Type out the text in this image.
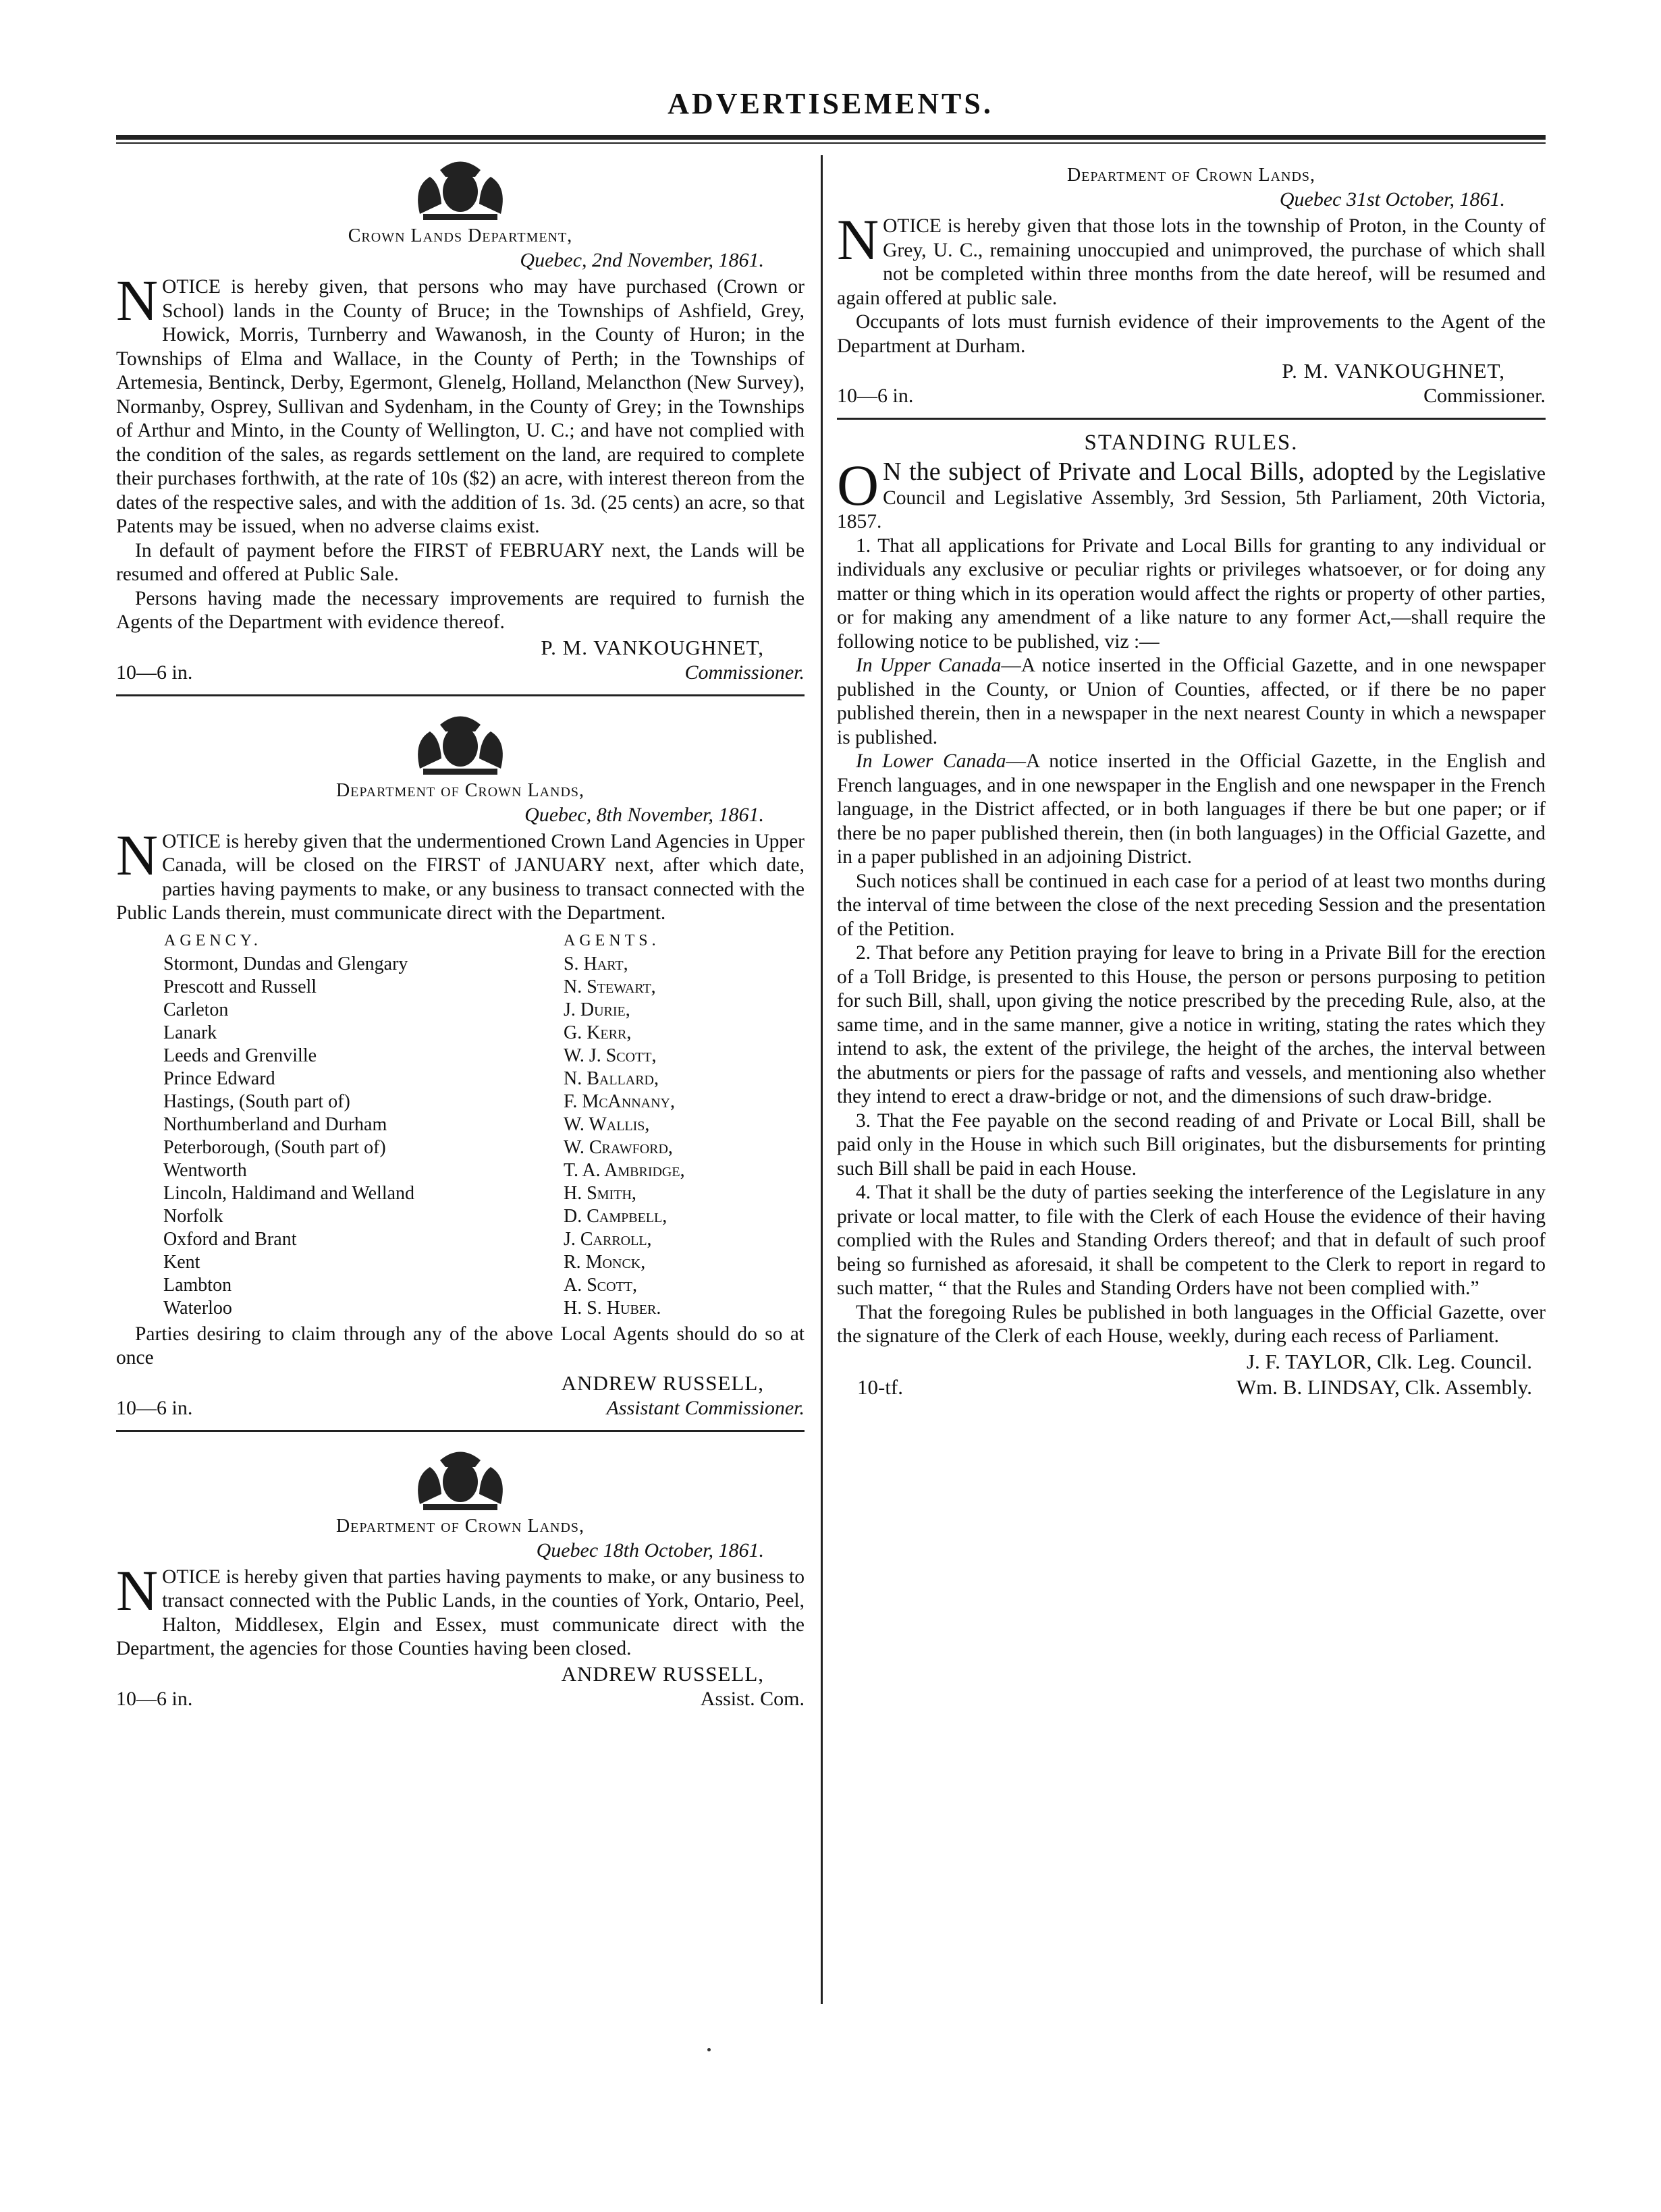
ADVERTISEMENTS.
Crown Lands Department,
Quebec, 2nd November, 1861.

NOTICE is hereby given, that persons who may have purchased (Crown or School) lands in the County of Bruce; in the Townships of Ashfield, Grey, Howick, Morris, Turnberry and Wawanosh, in the County of Huron; in the Townships of Elma and Wallace, in the County of Perth; in the Townships of Artemesia, Bentinck, Derby, Egermont, Glenelg, Holland, Melancthon (New Survey), Normanby, Osprey, Sullivan and Sydenham, in the County of Grey; in the Townships of Arthur and Minto, in the County of Wellington, U. C.; and have not complied with the condition of the sales, as regards settlement on the land, are required to complete their purchases forthwith, at the rate of 10s ($2) an acre, with interest thereon from the dates of the respective sales, and with the addition of 1s. 3d. (25 cents) an acre, so that Patents may be issued, when no adverse claims exist.

In default of payment before the FIRST of FEBRUARY next, the Lands will be resumed and offered at Public Sale.

Persons having made the necessary improvements are required to furnish the Agents of the Department with evidence thereof.

P. M. VANKOUGHNET,
10—6 in.	Commissioner.
Department of Crown Lands,
Quebec, 8th November, 1861.

NOTICE is hereby given that the undermentioned Crown Land Agencies in Upper Canada, will be closed on the FIRST of JANUARY next, after which date, parties having payments to make, or any business to transact connected with the Public Lands therein, must communicate direct with the Department.

AGENCY.	AGENTS.
Stormont, Dundas and Glengary	S. Hart,
Prescott and Russell	N. Stewart,
Carleton	J. Durie,
Lanark	G. Kerr,
Leeds and Grenville	W. J. Scott,
Prince Edward	N. Ballard,
Hastings, (South part of)	F. McAnnany,
Northumberland and Durham	W. Wallis,
Peterborough, (South part of)	W. Crawford,
Wentworth	T. A. Ambridge,
Lincoln, Haldimand and Welland	H. Smith,
Norfolk	D. Campbell,
Oxford and Brant	J. Carroll,
Kent	R. Monck,
Lambton	A. Scott,
Waterloo	H. S. Huber.

Parties desiring to claim through any of the above Local Agents should do so at once

ANDREW RUSSELL,
10—6 in.	Assistant Commissioner.
Department of Crown Lands,
Quebec 18th October, 1861.

NOTICE is hereby given that parties having payments to make, or any business to transact connected with the Public Lands, in the counties of York, Ontario, Peel, Halton, Middlesex, Elgin and Essex, must communicate direct with the Department, the agencies for those Counties having been closed.

ANDREW RUSSELL,
10—6 in.	Assist. Com.
Department of Crown Lands,
Quebec 31st October, 1861.

NOTICE is hereby given that those lots in the township of Proton, in the County of Grey, U. C., remaining unoccupied and unimproved, the purchase of which shall not be completed within three months from the date hereof, will be resumed and again offered at public sale.

Occupants of lots must furnish evidence of their improvements to the Agent of the Department at Durham.

P. M. VANKOUGHNET,
10—6 in.	Commissioner.
STANDING RULES.

O N the subject of Private and Local Bills, adopted by the Legislative Council and Legislative Assembly, 3rd Session, 5th Parliament, 20th Victoria, 1857.

1. That all applications for Private and Local Bills for granting to any individual or individuals any exclusive or peculiar rights or privileges whatsoever, or for doing any matter or thing which in its operation would affect the rights or property of other parties, or for making any amendment of a like nature to any former Act,—shall require the following notice to be published, viz :—

In Upper Canada—A notice inserted in the Official Gazette, and in one newspaper published in the County, or Union of Counties, affected, or if there be no paper published therein, then in a newspaper in the next nearest County in which a newspaper is published.

In Lower Canada—A notice inserted in the Official Gazette, in the English and French languages, and in one newspaper in the English and one newspaper in the French language, in the District affected, or in both languages if there be but one paper; or if there be no paper published therein, then (in both languages) in the Official Gazette, and in a paper published in an adjoining District.

Such notices shall be continued in each case for a period of at least two months during the interval of time between the close of the next preceding Session and the presentation of the Petition.

2. That before any Petition praying for leave to bring in a Private Bill for the erection of a Toll Bridge, is presented to this House, the person or persons purposing to petition for such Bill, shall, upon giving the notice prescribed by the preceding Rule, also, at the same time, and in the same manner, give a notice in writing, stating the rates which they intend to ask, the extent of the privilege, the height of the arches, the interval between the abutments or piers for the passage of rafts and vessels, and mentioning also whether they intend to erect a draw-bridge or not, and the dimensions of such draw-bridge.

3. That the Fee payable on the second reading of and Private or Local Bill, shall be paid only in the House in which such Bill originates, but the disbursements for printing such Bill shall be paid in each House.

4. That it shall be the duty of parties seeking the interference of the Legislature in any private or local matter, to file with the Clerk of each House the evidence of their having complied with the Rules and Standing Orders thereof; and that in default of such proof being so furnished as aforesaid, it shall be competent to the Clerk to report in regard to such matter, “ that the Rules and Standing Orders have not been complied with.”

That the foregoing Rules be published in both languages in the Official Gazette, over the signature of the Clerk of each House, weekly, during each recess of Parliament.

J. F. TAYLOR, Clk. Leg. Council.
10-tf.	Wm. B. LINDSAY, Clk. Assembly.
